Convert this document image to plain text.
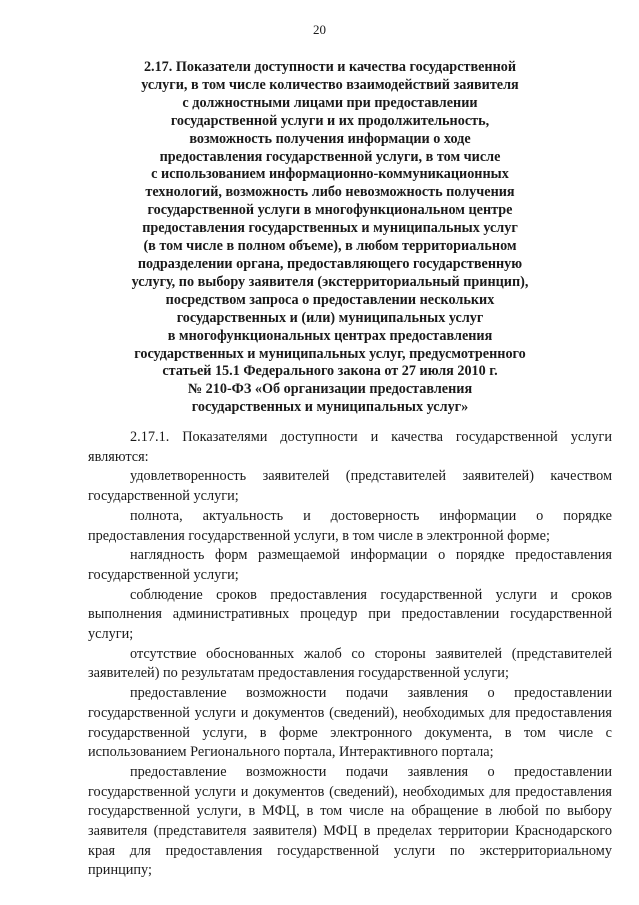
20
2.17. Показатели доступности и качества государственной
услуги, в том числе количество взаимодействий заявителя
с должностными лицами при предоставлении
государственной услуги и их продолжительность,
возможность получения информации о ходе
предоставления государственной услуги, в том числе
с использованием информационно-коммуникационных
технологий, возможность либо невозможность получения
государственной услуги в многофункциональном центре
предоставления государственных и муниципальных услуг
(в том числе в полном объеме), в любом территориальном
подразделении органа, предоставляющего государственную
услугу, по выбору заявителя (экстерриториальный принцип),
посредством запроса о предоставлении нескольких
государственных и (или) муниципальных услуг
в многофункциональных центрах предоставления
государственных и муниципальных услуг, предусмотренного
статьей 15.1 Федерального закона от 27 июля 2010 г.
№ 210-ФЗ «Об организации предоставления
государственных и муниципальных услуг»

2.17.1. Показателями доступности и качества государственной услуги являются:

удовлетворенность заявителей (представителей заявителей) качеством государственной услуги;

полнота, актуальность и достоверность информации о порядке предоставления государственной услуги, в том числе в электронной форме;

наглядность форм размещаемой информации о порядке предоставления государственной услуги;

соблюдение сроков предоставления государственной услуги и сроков выполнения административных процедур при предоставлении государственной услуги;

отсутствие обоснованных жалоб со стороны заявителей (представителей заявителей) по результатам предоставления государственной услуги;

предоставление возможности подачи заявления о предоставлении государственной услуги и документов (сведений), необходимых для предоставления государственной услуги, в форме электронного документа, в том числе с использованием Регионального портала, Интерактивного портала;

предоставление возможности подачи заявления о предоставлении государственной услуги и документов (сведений), необходимых для предоставления государственной услуги, в МФЦ, в том числе на обращение в любой по выбору заявителя (представителя заявителя) МФЦ в пределах территории Краснодарского края для предоставления государственной услуги по экстерриториальному принципу;
